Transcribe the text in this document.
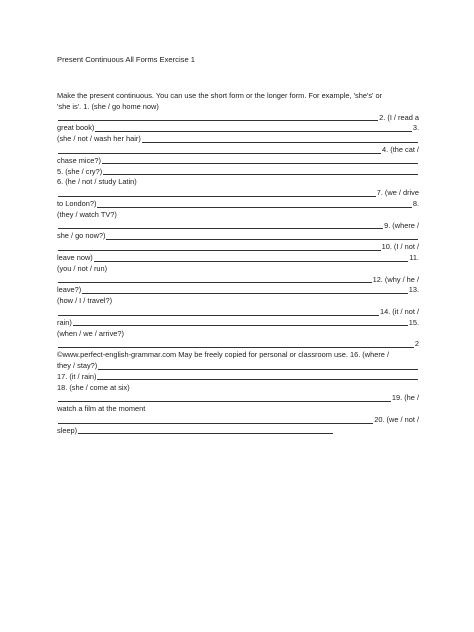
Present Continuous All Forms Exercise 1
Make the present continuous. You can use the short form or the longer form. For example, 'she's' or
'she is'. 1. (she / go home now)
2. (I / read a
great book)	3.
(she / not / wash her hair)
4. (the cat /
chase mice?)
5. (she / cry?)
6. (he / not / study Latin)
7. (we / drive
to London?)	8.
(they / watch TV?)
9. (where /
she / go now?)
10. (I / not /
leave now)	11.
(you / not / run)
12. (why / he /
leave?)	13.
(how / I / travel?)
14. (it / not /
rain)	15.
(when / we / arrive?)
2
©www.perfect-english-grammar.com May be freely copied for personal or classroom use. 16. (where /
they / stay?)
17. (it / rain)
18. (she / come at six)
19. (he /
watch a film at the moment
20. (we / not /
sleep)
